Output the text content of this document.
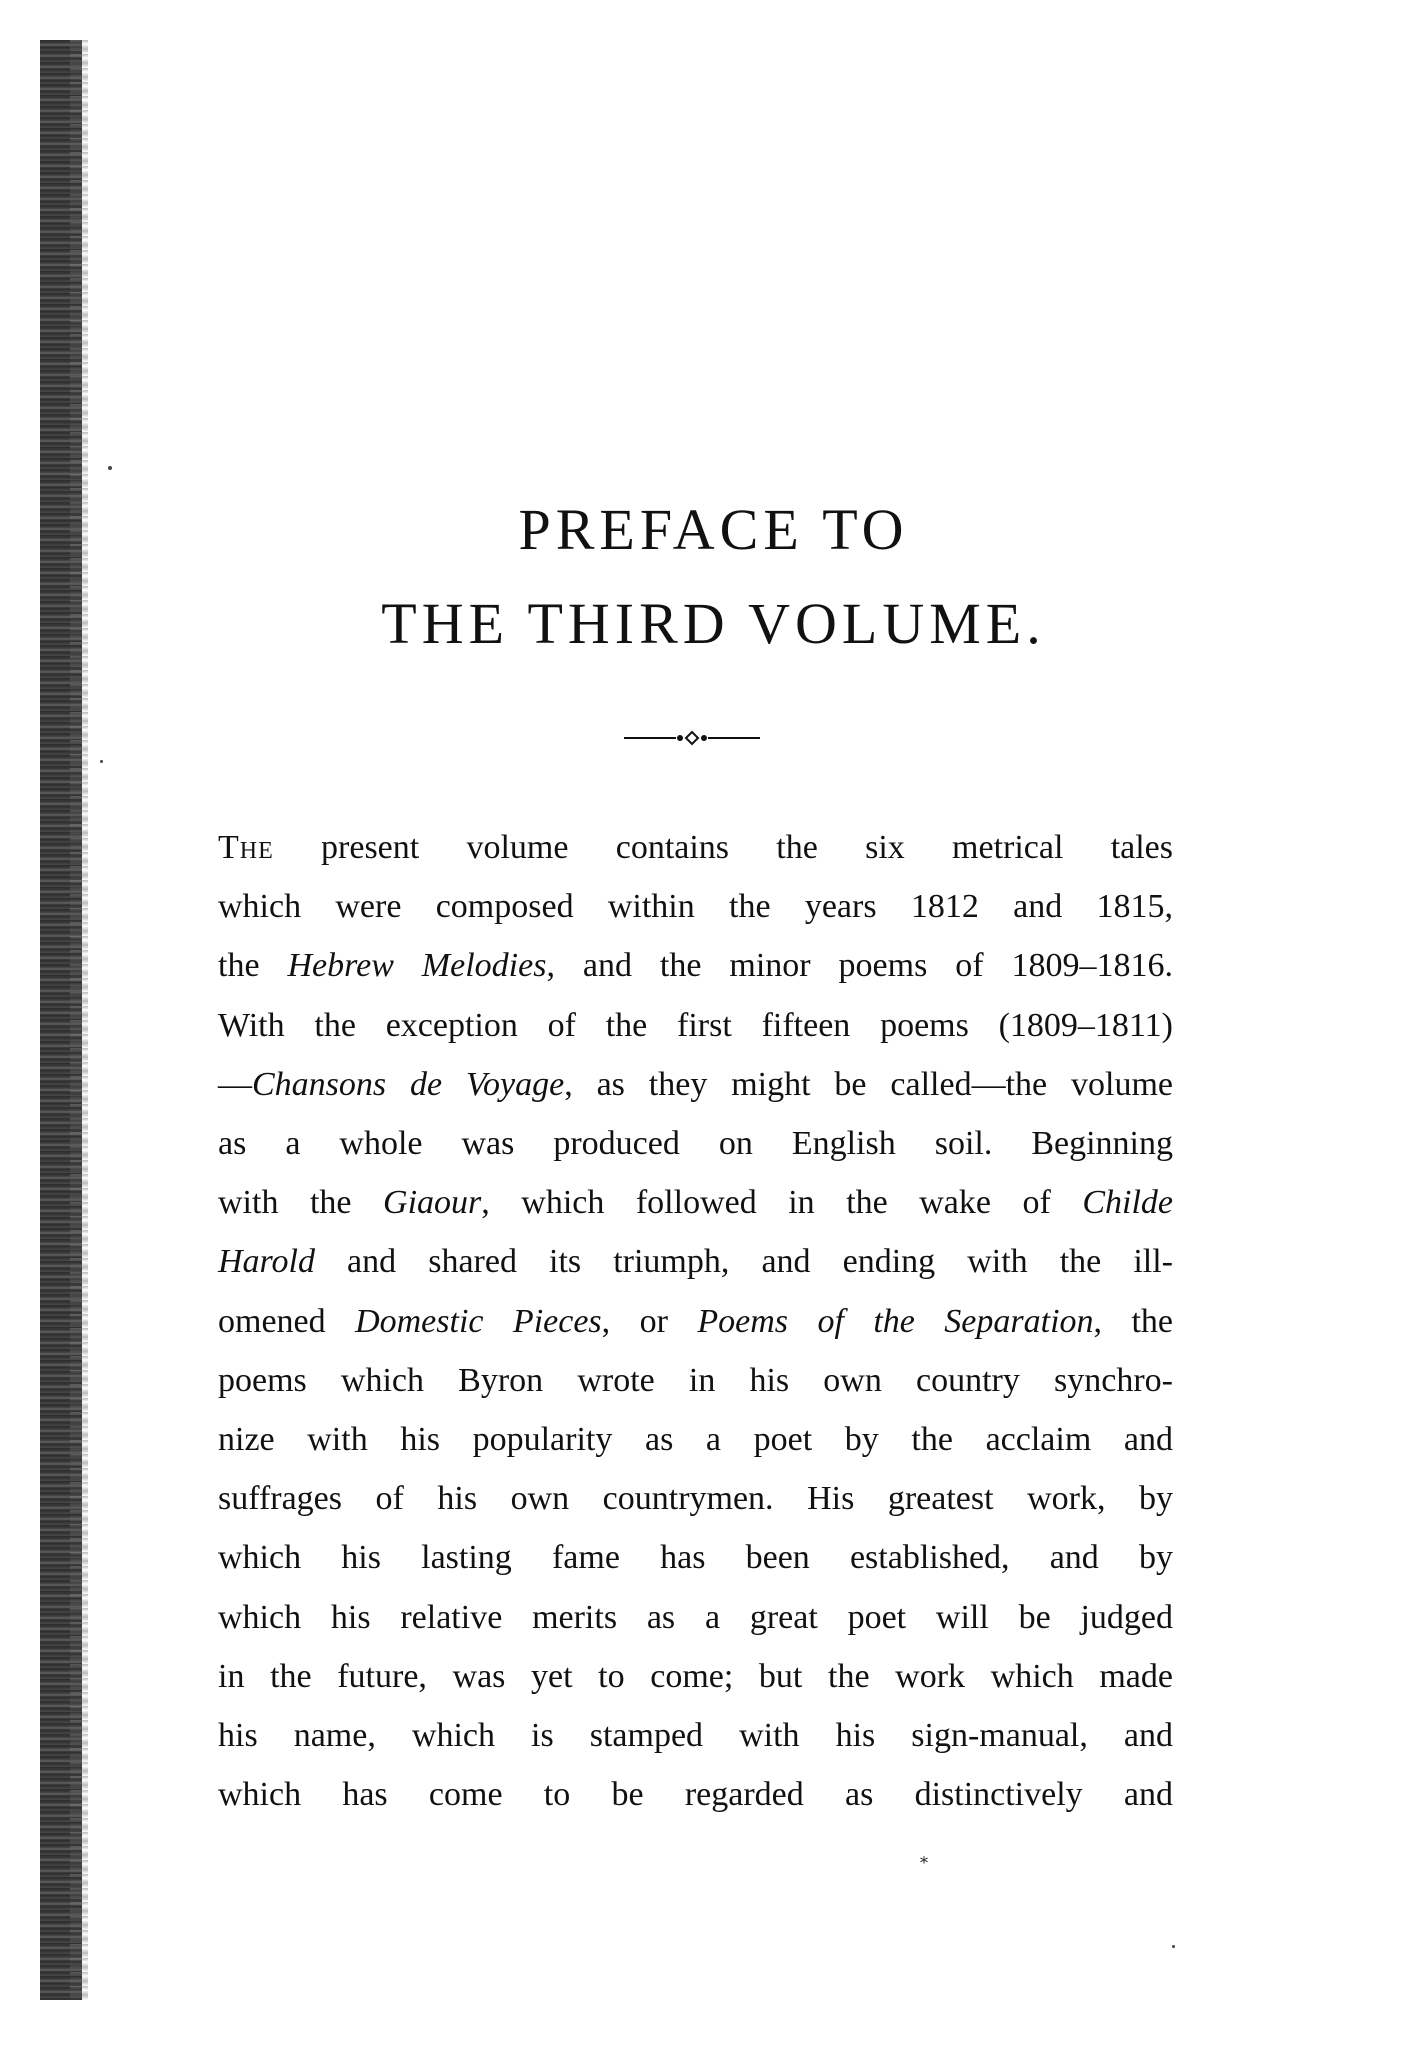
PREFACE TO
THE THIRD VOLUME.
The present volume contains the six metrical tales
which were composed within the years 1812 and 1815,
the Hebrew Melodies, and the minor poems of 1809–1816.
With the exception of the first fifteen poems (1809–1811)
—Chansons de Voyage, as they might be called—the volume
as a whole was produced on English soil. Beginning
with the Giaour, which followed in the wake of Childe
Harold and shared its triumph, and ending with the ill-
omened Domestic Pieces, or Poems of the Separation, the
poems which Byron wrote in his own country synchro-
nize with his popularity as a poet by the acclaim and
suffrages of his own countrymen. His greatest work, by
which his lasting fame has been established, and by
which his relative merits as a great poet will be judged
in the future, was yet to come; but the work which made
his name, which is stamped with his sign-manual, and
which has come to be regarded as distinctively and
⁎
